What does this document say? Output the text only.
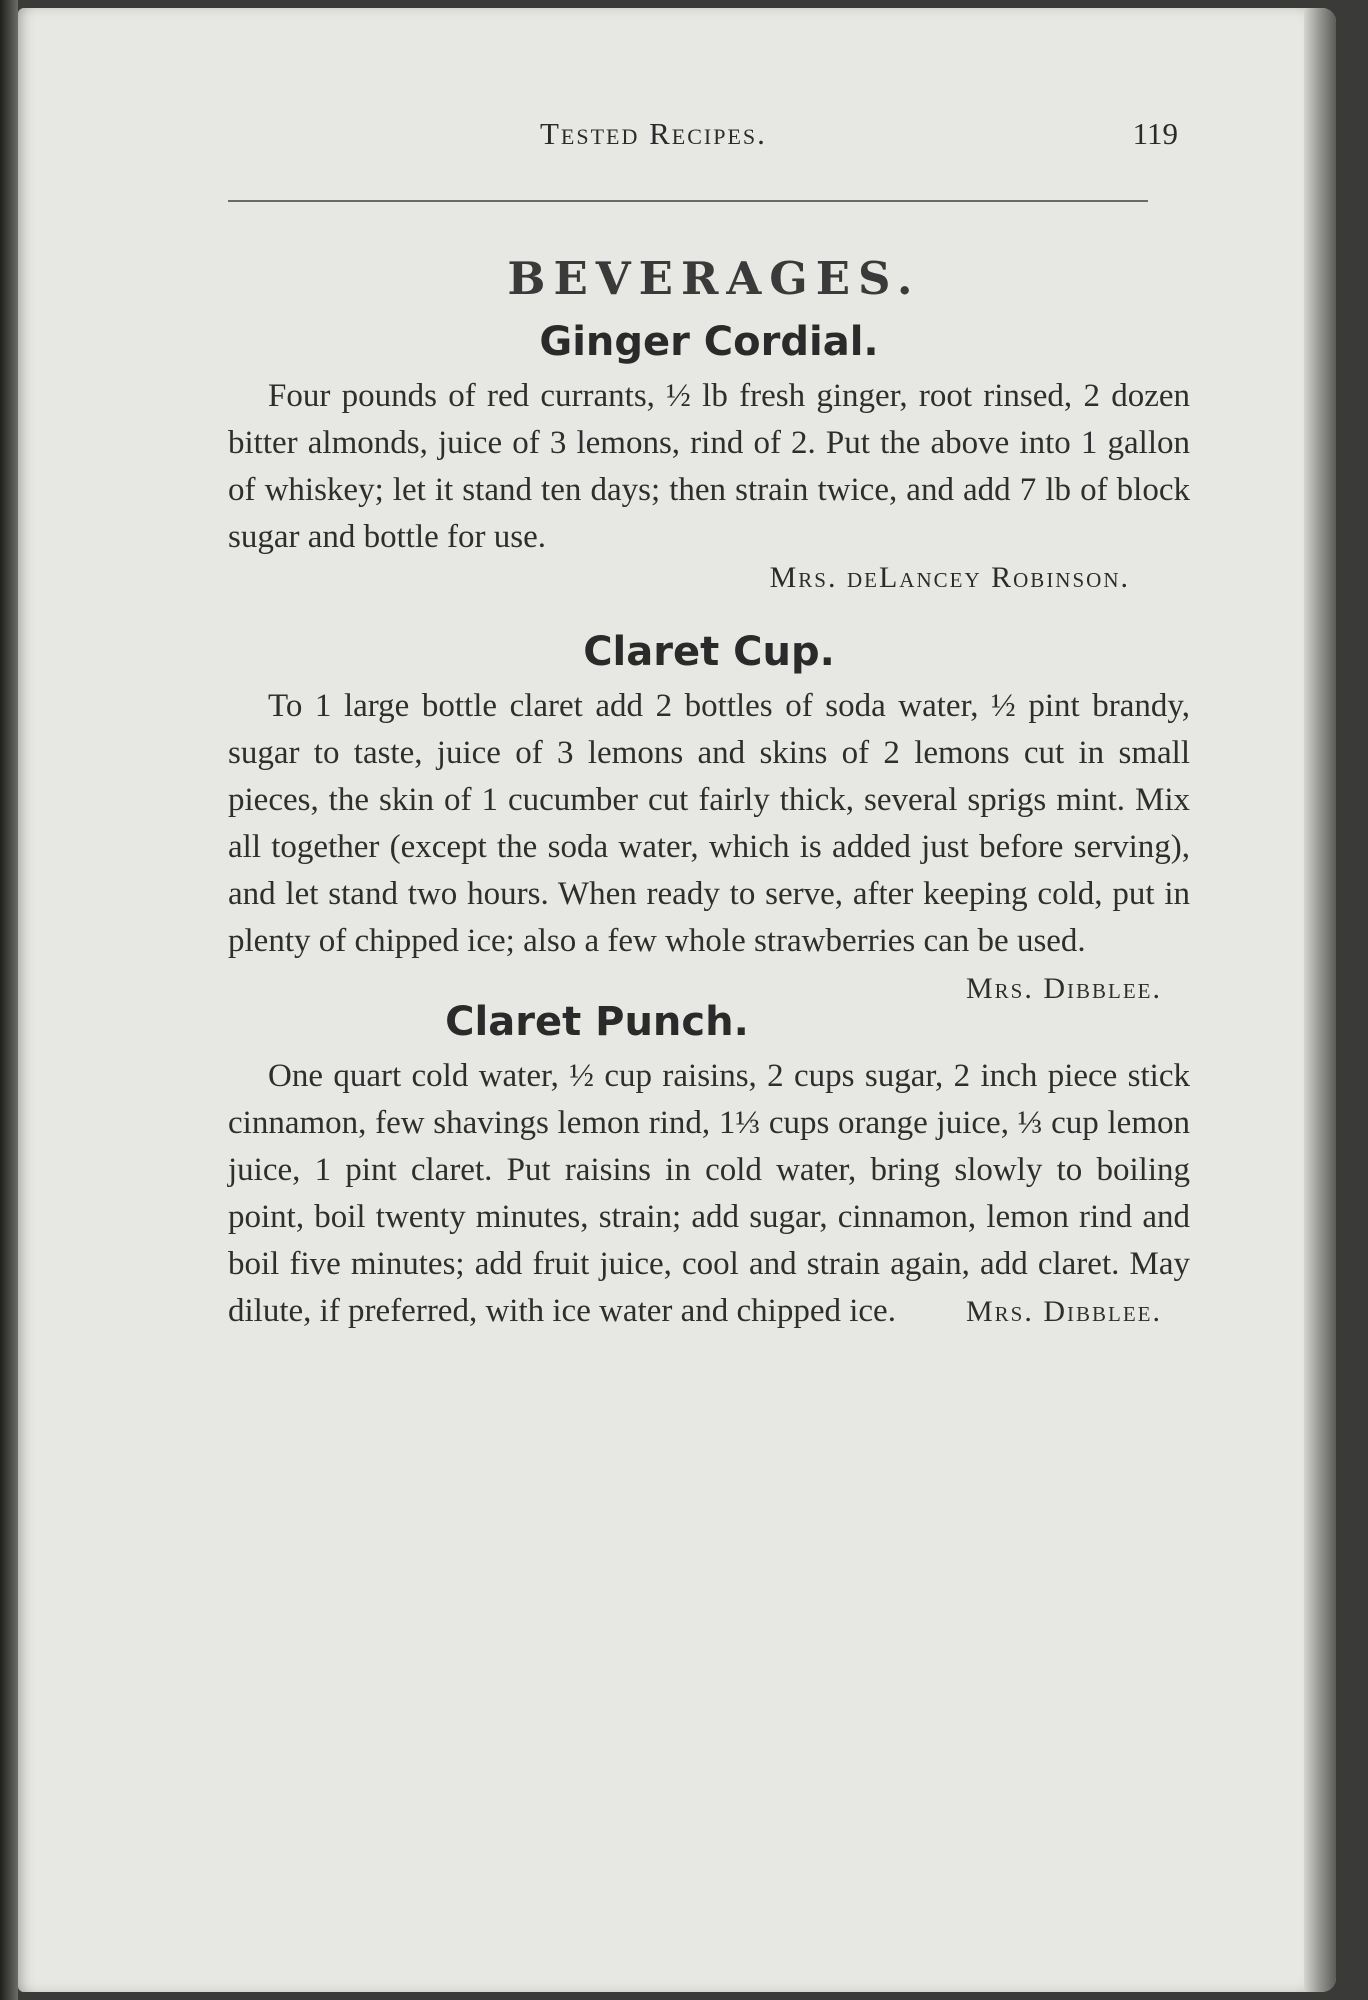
Tested Recipes.	119
BEVERAGES.
Ginger Cordial.
Four pounds of red currants, ½ lb fresh ginger, root rinsed, 2 dozen bitter almonds, juice of 3 lemons, rind of 2. Put the above into 1 gallon of whiskey; let it stand ten days; then strain twice, and add 7 lb of block sugar and bottle for use.
Mrs. deLancey Robinson.
Claret Cup.
To 1 large bottle claret add 2 bottles of soda water, ½ pint brandy, sugar to taste, juice of 3 lemons and skins of 2 lemons cut in small pieces, the skin of 1 cucumber cut fairly thick, several sprigs mint. Mix all together (except the soda water, which is added just before serving), and let stand two hours. When ready to serve, after keeping cold, put in plenty of chipped ice; also a few whole strawberries can be used.
Mrs. Dibblee.
Claret Punch.
One quart cold water, ½ cup raisins, 2 cups sugar, 2 inch piece stick cinnamon, few shavings lemon rind, 1⅓ cups orange juice, ⅓ cup lemon juice, 1 pint claret. Put raisins in cold water, bring slowly to boiling point, boil twenty minutes, strain; add sugar, cinnamon, lemon rind and boil five minutes; add fruit juice, cool and strain again, add claret. May dilute, if preferred, with ice water and chipped ice. Mrs. Dibblee.
